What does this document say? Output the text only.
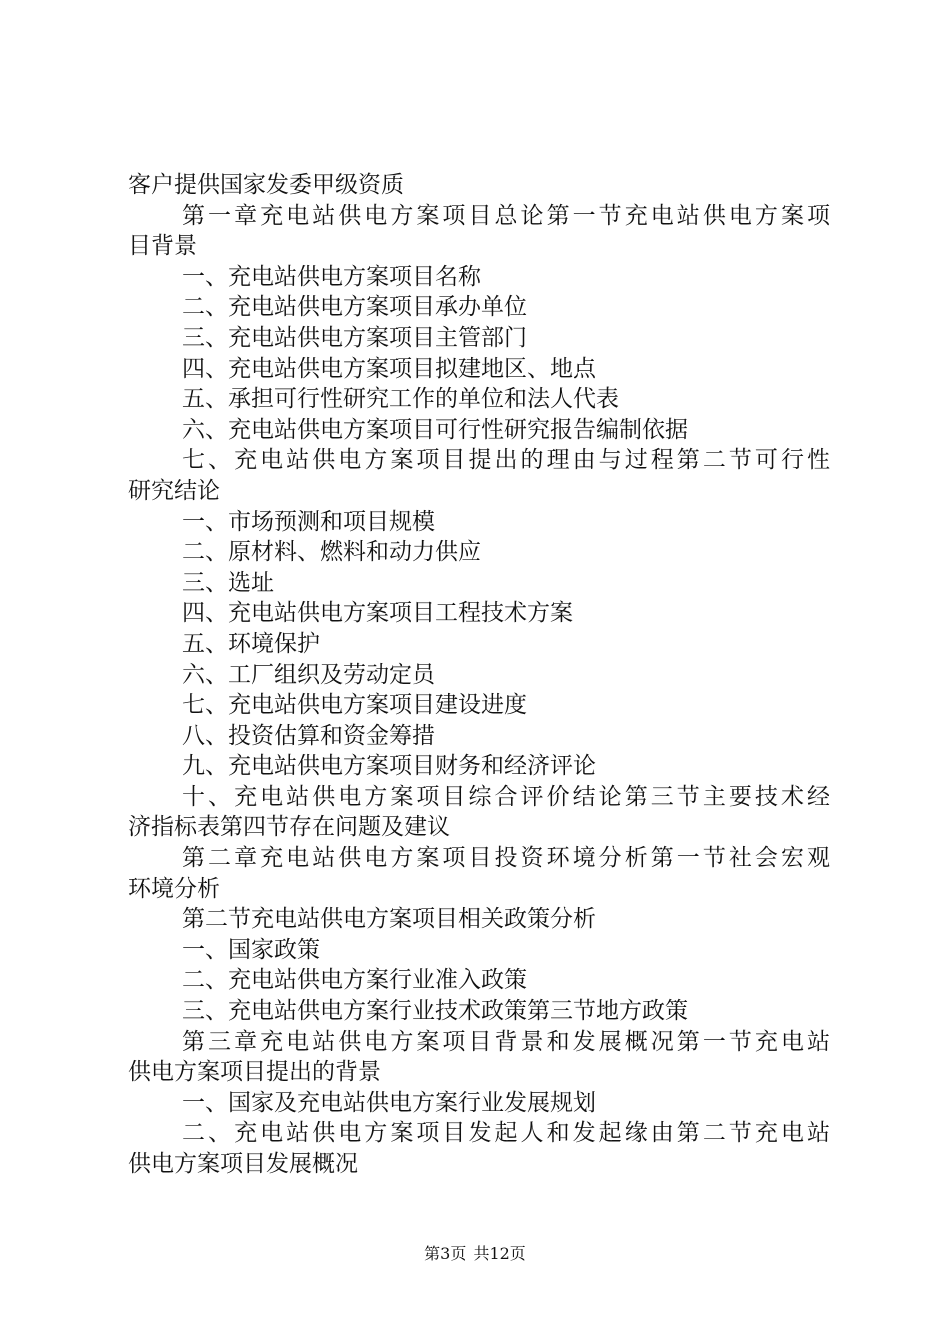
客户提供国家发委甲级资质
第一章充电站供电方案项目总论第一节充电站供电方案项
目背景
一、充电站供电方案项目名称
二、充电站供电方案项目承办单位
三、充电站供电方案项目主管部门
四、充电站供电方案项目拟建地区、地点
五、承担可行性研究工作的单位和法人代表
六、充电站供电方案项目可行性研究报告编制依据
七、充电站供电方案项目提出的理由与过程第二节可行性
研究结论
一、市场预测和项目规模
二、原材料、燃料和动力供应
三、选址
四、充电站供电方案项目工程技术方案
五、环境保护
六、工厂组织及劳动定员
七、充电站供电方案项目建设进度
八、投资估算和资金筹措
九、充电站供电方案项目财务和经济评论
十、充电站供电方案项目综合评价结论第三节主要技术经
济指标表第四节存在问题及建议
第二章充电站供电方案项目投资环境分析第一节社会宏观
环境分析
第二节充电站供电方案项目相关政策分析
一、国家政策
二、充电站供电方案行业准入政策
三、充电站供电方案行业技术政策第三节地方政策
第三章充电站供电方案项目背景和发展概况第一节充电站
供电方案项目提出的背景
一、国家及充电站供电方案行业发展规划
二、充电站供电方案项目发起人和发起缘由第二节充电站
供电方案项目发展概况
第3页 共12页
